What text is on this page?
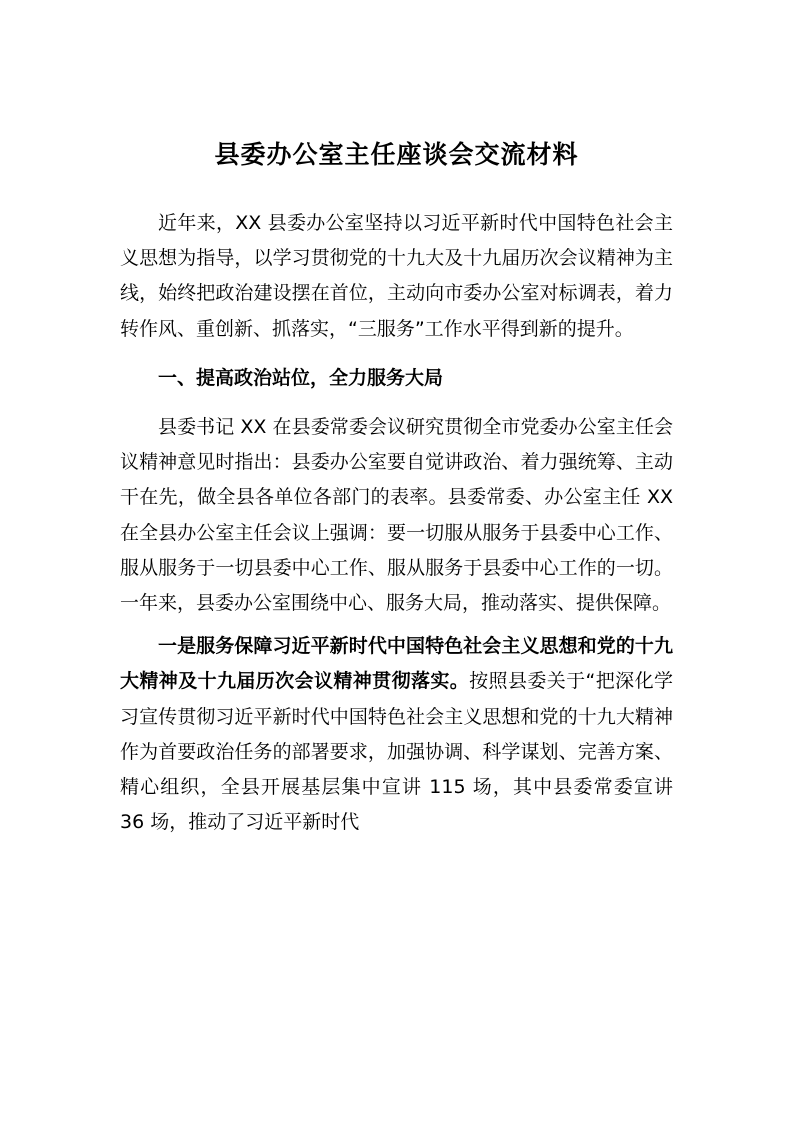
县委办公室主任座谈会交流材料

近年来，XX 县委办公室坚持以习近平新时代中国特色社会主义思想为指导，以学习贯彻党的十九大及十九届历次会议精神为主线，始终把政治建设摆在首位，主动向市委办公室对标调表，着力转作风、重创新、抓落实，“三服务”工作水平得到新的提升。

一、提高政治站位，全力服务大局

县委书记 XX 在县委常委会议研究贯彻全市党委办公室主任会议精神意见时指出：县委办公室要自觉讲政治、着力强统筹、主动干在先，做全县各单位各部门的表率。县委常委、办公室主任 XX 在全县办公室主任会议上强调：要一切服从服务于县委中心工作、服从服务于一切县委中心工作、服从服务于县委中心工作的一切。一年来，县委办公室围绕中心、服务大局，推动落实、提供保障。

一是服务保障习近平新时代中国特色社会主义思想和党的十九大精神及十九届历次会议精神贯彻落实。按照县委关于“把深化学习宣传贯彻习近平新时代中国特色社会主义思想和党的十九大精神作为首要政治任务的部署要求，加强协调、科学谋划、完善方案、精心组织，全县开展基层集中宣讲 115 场，其中县委常委宣讲 36 场，推动了习近平新时代
